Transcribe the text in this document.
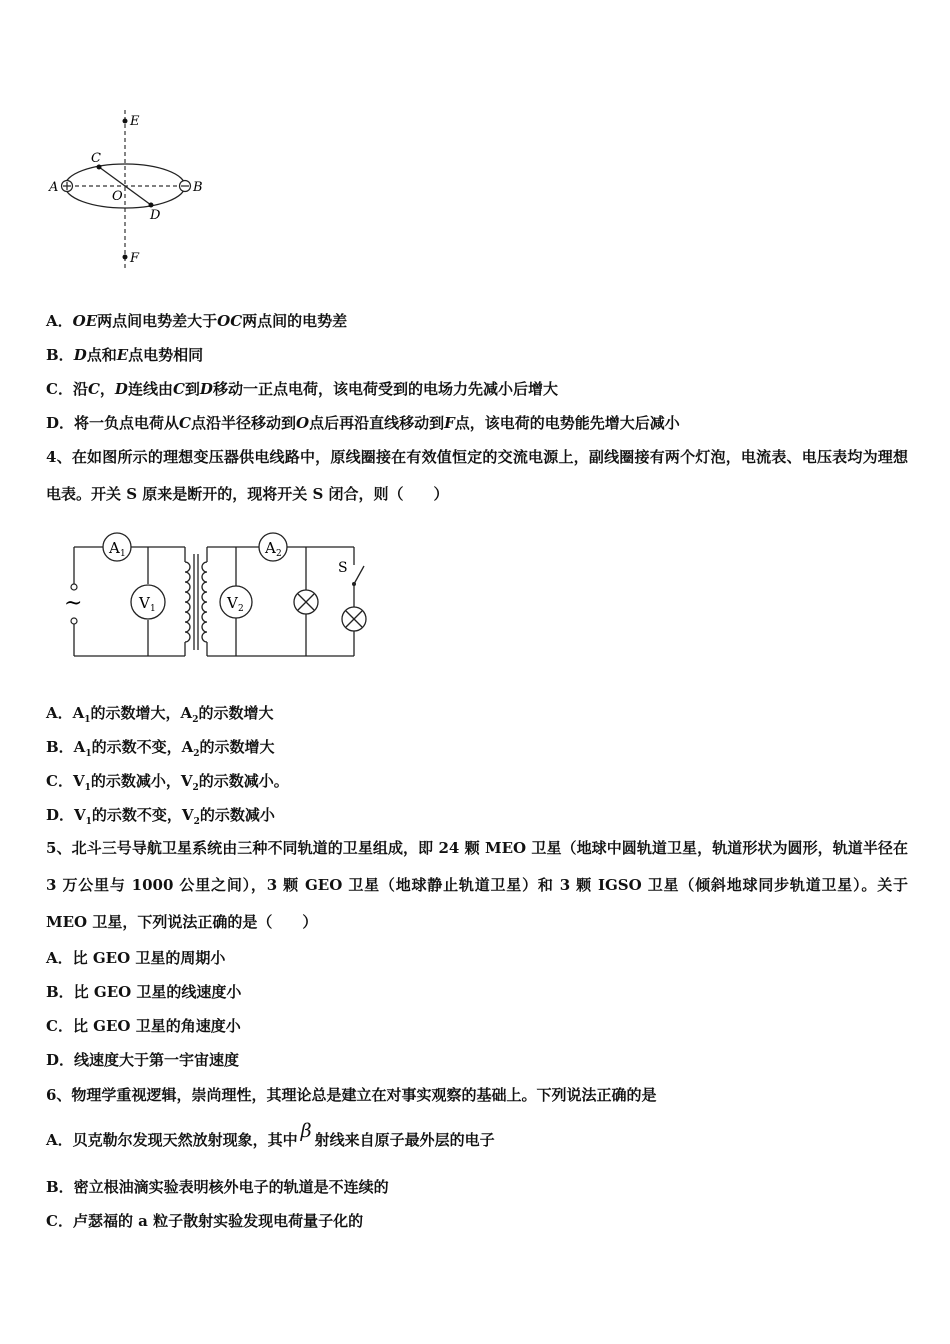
E
F
C
D
A	B
O
A．OE两点间电势差大于OC两点间的电势差
B．D点和E点电势相同
C．沿C，D连线由C到D移动一正点电荷，该电荷受到的电场力先减小后增大
D．将一负点电荷从C点沿半径移动到O点后再沿直线移动到F点，该电荷的电势能先增大后减小
4、在如图所示的理想变压器供电线路中，原线圈接在有效值恒定的交流电源上，副线圈接有两个灯泡，电流表、电压表均为理想电表。开关 S 原来是断开的，现将开关 S 闭合，则（　　）
~
A 1
V 1
A 2
V 2
S
A．$A_1$的示数增大，$A_2$的示数增大
B．$A_1$的示数不变，$A_2$的示数增大
C．$V_1$的示数减小，$V_2$的示数减小。
D．$V_1$的示数不变，$V_2$的示数减小
5、北斗三号导航卫星系统由三种不同轨道的卫星组成，即 24 颗 MEO 卫星（地球中圆轨道卫星，轨道形状为圆形，轨道半径在 3 万公里与 1000 公里之间），3 颗 GEO 卫星（地球静止轨道卫星）和 3 颗 IGSO 卫星（倾斜地球同步轨道卫星）。关于 MEO 卫星，下列说法正确的是（　　）
A．比 GEO 卫星的周期小
B．比 GEO 卫星的线速度小
C．比 GEO 卫星的角速度小
D．线速度大于第一宇宙速度
6、物理学重视逻辑，崇尚理性，其理论总是建立在对事实观察的基础上。下列说法正确的是
A．贝克勒尔发现天然放射现象，其中 β 射线来自原子最外层的电子
B．密立根油滴实验表明核外电子的轨道是不连续的
C．卢瑟福的 a 粒子散射实验发现电荷量子化的
